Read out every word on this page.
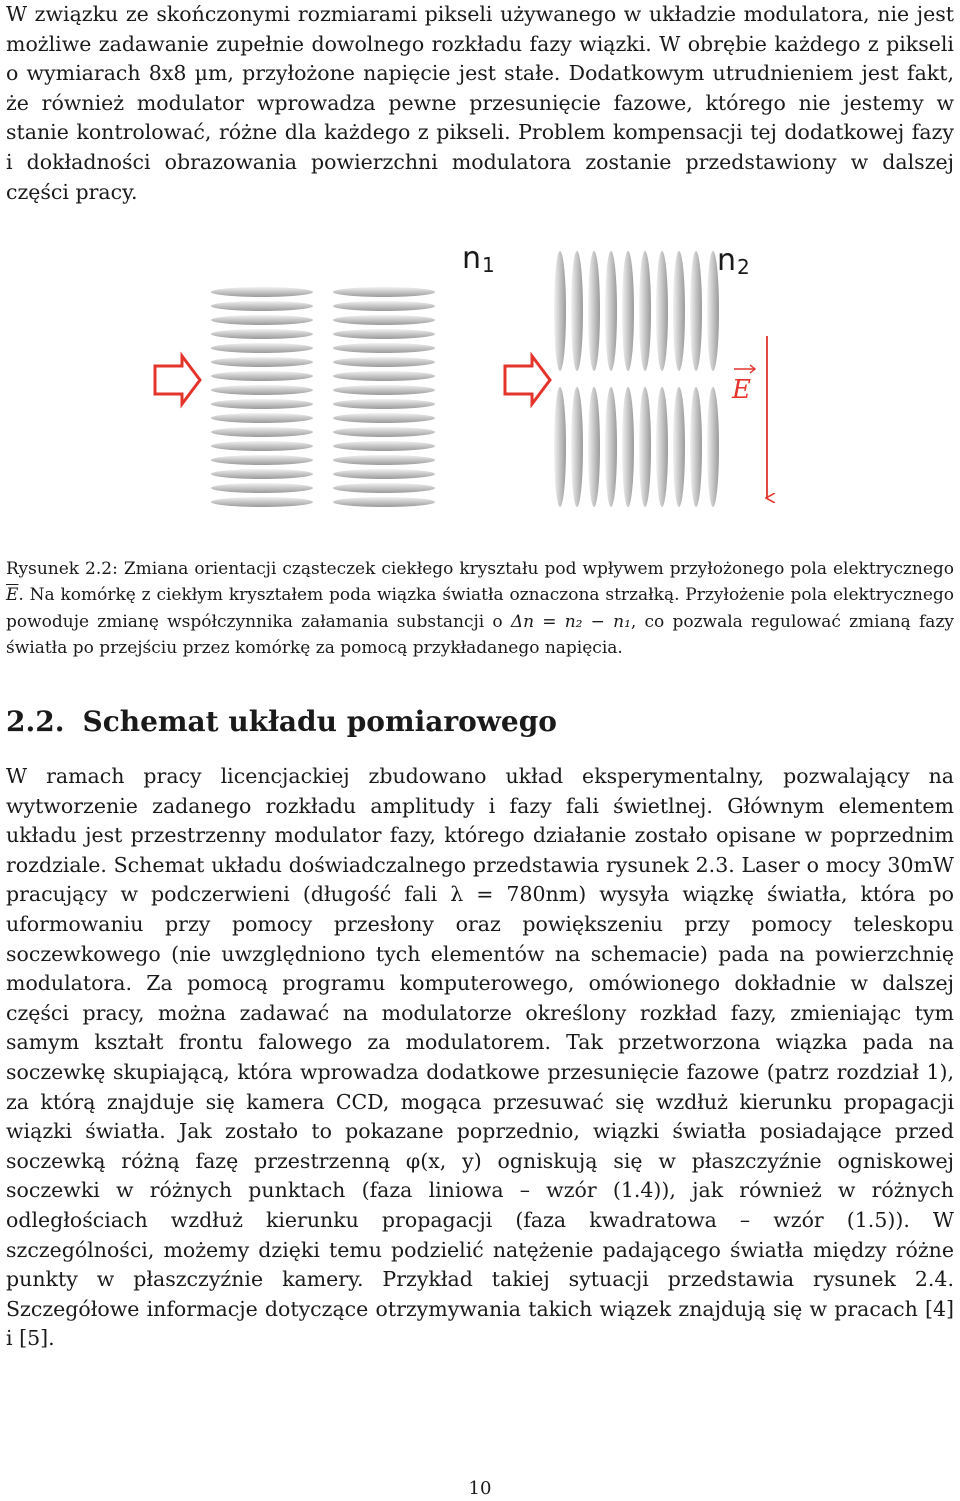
W związku ze skończonymi rozmiarami pikseli używanego w układzie modulatora, nie jest możliwe zadawanie zupełnie dowolnego rozkładu fazy wiązki. W obrębie każdego z pikseli o wymiarach 8x8 µm, przyłożone napięcie jest stałe. Dodatkowym utrudnieniem jest fakt, że również modulator wprowadza pewne przesunięcie fazowe, którego nie jestemy w stanie kontrolować, różne dla każdego z pikseli. Problem kompensacji tej dodatkowej fazy i dokładności obrazowania powierzchni modulatora zostanie przedstawiony w dalszej części pracy.

E
n1	n2

Rysunek 2.2: Zmiana orientacji cząsteczek ciekłego kryształu pod wpływem przyłożonego pola elektrycznego $\overline{E}$. Na komórkę z ciekłym kryształem poda wiązka światła oznaczona strzałką. Przyłożenie pola elektrycznego powoduje zmianę współczynnika załamania substancji o Δn = n₂ − n₁, co pozwala regulować zmianą fazy światła po przejściu przez komórkę za pomocą przykładanego napięcia.

2.2. Schemat układu pomiarowego

W ramach pracy licencjackiej zbudowano układ eksperymentalny, pozwalający na wytworzenie zadanego rozkładu amplitudy i fazy fali świetlnej. Głównym elementem układu jest przestrzenny modulator fazy, którego działanie zostało opisane w poprzednim rozdziale. Schemat układu doświadczalnego przedstawia rysunek 2.3. Laser o mocy 30mW pracujący w podczerwieni (długość fali λ = 780nm) wysyła wiązkę światła, która po uformowaniu przy pomocy przesłony oraz powiększeniu przy pomocy teleskopu soczewkowego (nie uwzględniono tych elementów na schemacie) pada na powierzchnię modulatora. Za pomocą programu komputerowego, omówionego dokładnie w dalszej części pracy, można zadawać na modulatorze określony rozkład fazy, zmieniając tym samym kształt frontu falowego za modulatorem. Tak przetworzona wiązka pada na soczewkę skupiającą, która wprowadza dodatkowe przesunięcie fazowe (patrz rozdział 1), za którą znajduje się kamera CCD, mogąca przesuwać się wzdłuż kierunku propagacji wiązki światła. Jak zostało to pokazane poprzednio, wiązki światła posiadające przed soczewką różną fazę przestrzenną φ(x, y) ogniskują się w płaszczyźnie ogniskowej soczewki w różnych punktach (faza liniowa – wzór (1.4)), jak również w różnych odległościach wzdłuż kierunku propagacji (faza kwadratowa – wzór (1.5)). W szczególności, możemy dzięki temu podzielić natężenie padającego światła między różne punkty w płaszczyźnie kamery. Przykład takiej sytuacji przedstawia rysunek 2.4. Szczegółowe informacje dotyczące otrzymywania takich wiązek znajdują się w pracach [4] i [5].

10
